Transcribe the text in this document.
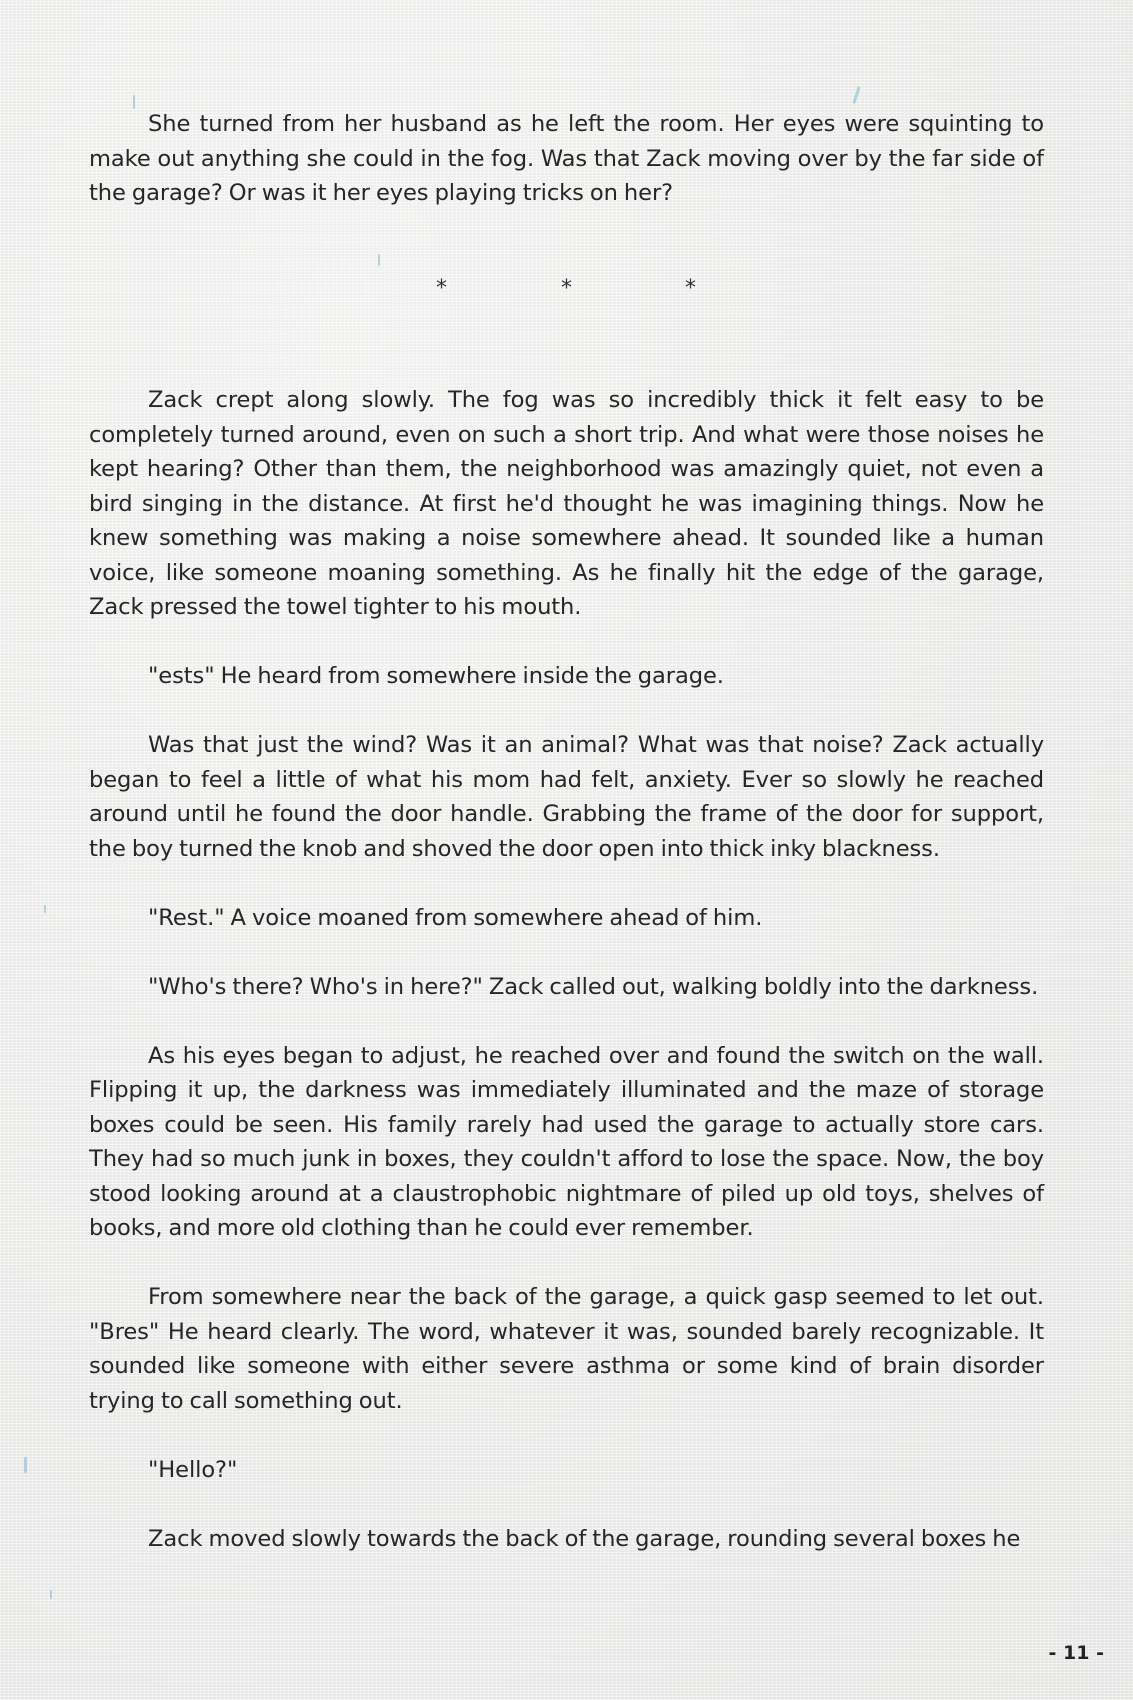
She turned from her husband as he left the room. Her eyes were squinting to make out anything she could in the fog. Was that Zack moving over by the far side of the garage? Or was it her eyes playing tricks on her?

*	*	*

Zack crept along slowly. The fog was so incredibly thick it felt easy to be completely turned around, even on such a short trip. And what were those noises he kept hearing? Other than them, the neighborhood was amazingly quiet, not even a bird singing in the distance. At first he'd thought he was imagining things. Now he knew something was making a noise somewhere ahead. It sounded like a human voice, like someone moaning something. As he finally hit the edge of the garage, Zack pressed the towel tighter to his mouth.

"ests" He heard from somewhere inside the garage.

Was that just the wind? Was it an animal? What was that noise? Zack actually began to feel a little of what his mom had felt, anxiety. Ever so slowly he reached around until he found the door handle. Grabbing the frame of the door for support, the boy turned the knob and shoved the door open into thick inky blackness.

"Rest." A voice moaned from somewhere ahead of him.

"Who's there? Who's in here?" Zack called out, walking boldly into the darkness.

As his eyes began to adjust, he reached over and found the switch on the wall. Flipping it up, the darkness was immediately illuminated and the maze of storage boxes could be seen. His family rarely had used the garage to actually store cars. They had so much junk in boxes, they couldn't afford to lose the space. Now, the boy stood looking around at a claustrophobic nightmare of piled up old toys, shelves of books, and more old clothing than he could ever remember.

From somewhere near the back of the garage, a quick gasp seemed to let out. "Bres" He heard clearly. The word, whatever it was, sounded barely recognizable. It sounded like someone with either severe asthma or some kind of brain disorder trying to call something out.

"Hello?"

Zack moved slowly towards the back of the garage, rounding several boxes he

- 11 -
